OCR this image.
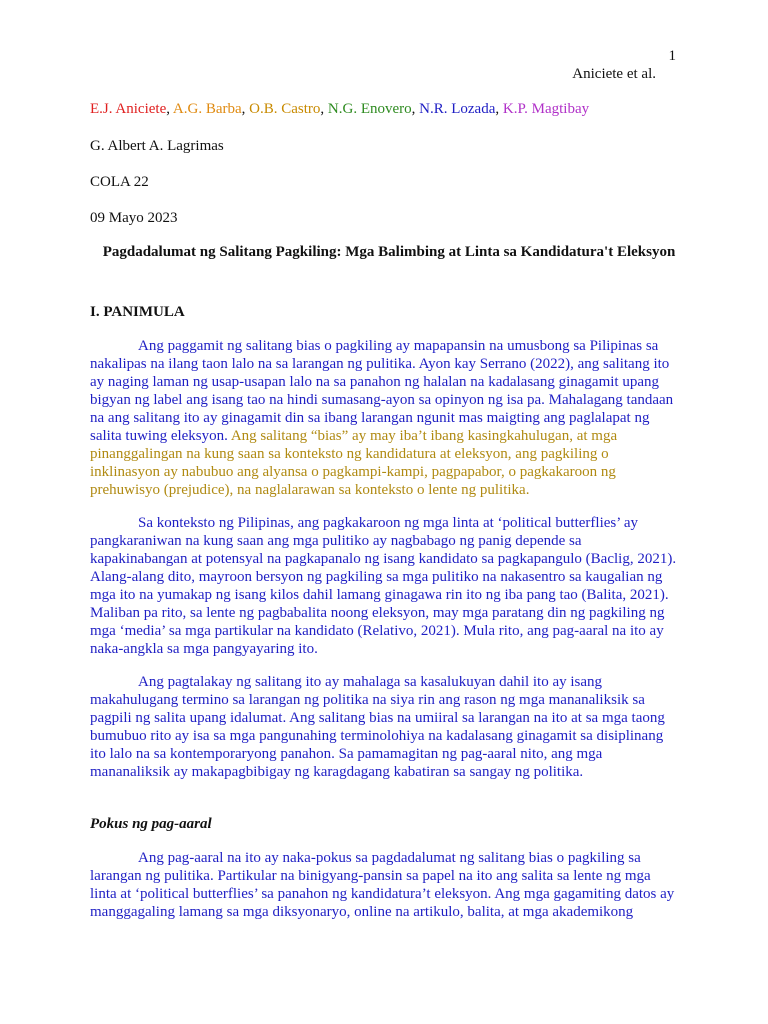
1
Aniciete et al.
E.J. Aniciete, A.G. Barba, O.B. Castro, N.G. Enovero, N.R. Lozada, K.P. Magtibay
G. Albert A. Lagrimas
COLA 22
09 Mayo 2023
Pagdadalumat ng Salitang Pagkiling: Mga Balimbing at Linta sa Kandidatura't Eleksyon
I. PANIMULA

Ang paggamit ng salitang bias o pagkiling ay mapapansin na umusbong sa Pilipinas sa nakalipas na ilang taon lalo na sa larangan ng pulitika. Ayon kay Serrano (2022), ang salitang ito ay naging laman ng usap-usapan lalo na sa panahon ng halalan na kadalasang ginagamit upang bigyan ng label ang isang tao na hindi sumasang-ayon sa opinyon ng isa pa. Mahalagang tandaan na ang salitang ito ay ginagamit din sa ibang larangan ngunit mas maigting ang paglalapat ng salita tuwing eleksyon. Ang salitang “bias” ay may iba’t ibang kasingkahulugan, at mga pinanggalingan na kung saan sa konteksto ng kandidatura at eleksyon, ang pagkiling o inklinasyon ay nabubuo ang alyansa o pagkampi-kampi, pagpapabor, o pagkakaroon ng prehuwisyo (prejudice), na naglalarawan sa konteksto o lente ng pulitika.

Sa konteksto ng Pilipinas, ang pagkakaroon ng mga linta at ‘political butterflies’ ay pangkaraniwan na kung saan ang mga pulitiko ay nagbabago ng panig depende sa kapakinabangan at potensyal na pagkapanalo ng isang kandidato sa pagkapangulo (Baclig, 2021). Alang-alang dito, mayroon bersyon ng pagkiling sa mga pulitiko na nakasentro sa kaugalian ng mga ito na yumakap ng isang kilos dahil lamang ginagawa rin ito ng iba pang tao (Balita, 2021). Maliban pa rito, sa lente ng pagbabalita noong eleksyon, may mga paratang din ng pagkiling ng mga ‘media’ sa mga partikular na kandidato (Relativo, 2021). Mula rito, ang pag-aaral na ito ay naka-angkla sa mga pangyayaring ito.

Ang pagtalakay ng salitang ito ay mahalaga sa kasalukuyan dahil ito ay isang makahulugang termino sa larangan ng politika na siya rin ang rason ng mga mananaliksik sa pagpili ng salita upang idalumat. Ang salitang bias na umiiral sa larangan na ito at sa mga taong bumubuo rito ay isa sa mga pangunahing terminolohiya na kadalasang ginagamit sa disiplinang ito lalo na sa kontemporaryong panahon. Sa pamamagitan ng pag-aaral nito, ang mga mananaliksik ay makapagbibigay ng karagdagang kabatiran sa sangay ng politika.

Pokus ng pag-aaral

Ang pag-aaral na ito ay naka-pokus sa pagdadalumat ng salitang bias o pagkiling sa larangan ng pulitika. Partikular na binigyang-pansin sa papel na ito ang salita sa lente ng mga linta at ‘political butterflies’ sa panahon ng kandidatura’t eleksyon. Ang mga gagamiting datos ay manggagaling lamang sa mga diksyonaryo, online na artikulo, balita, at mga akademikong
